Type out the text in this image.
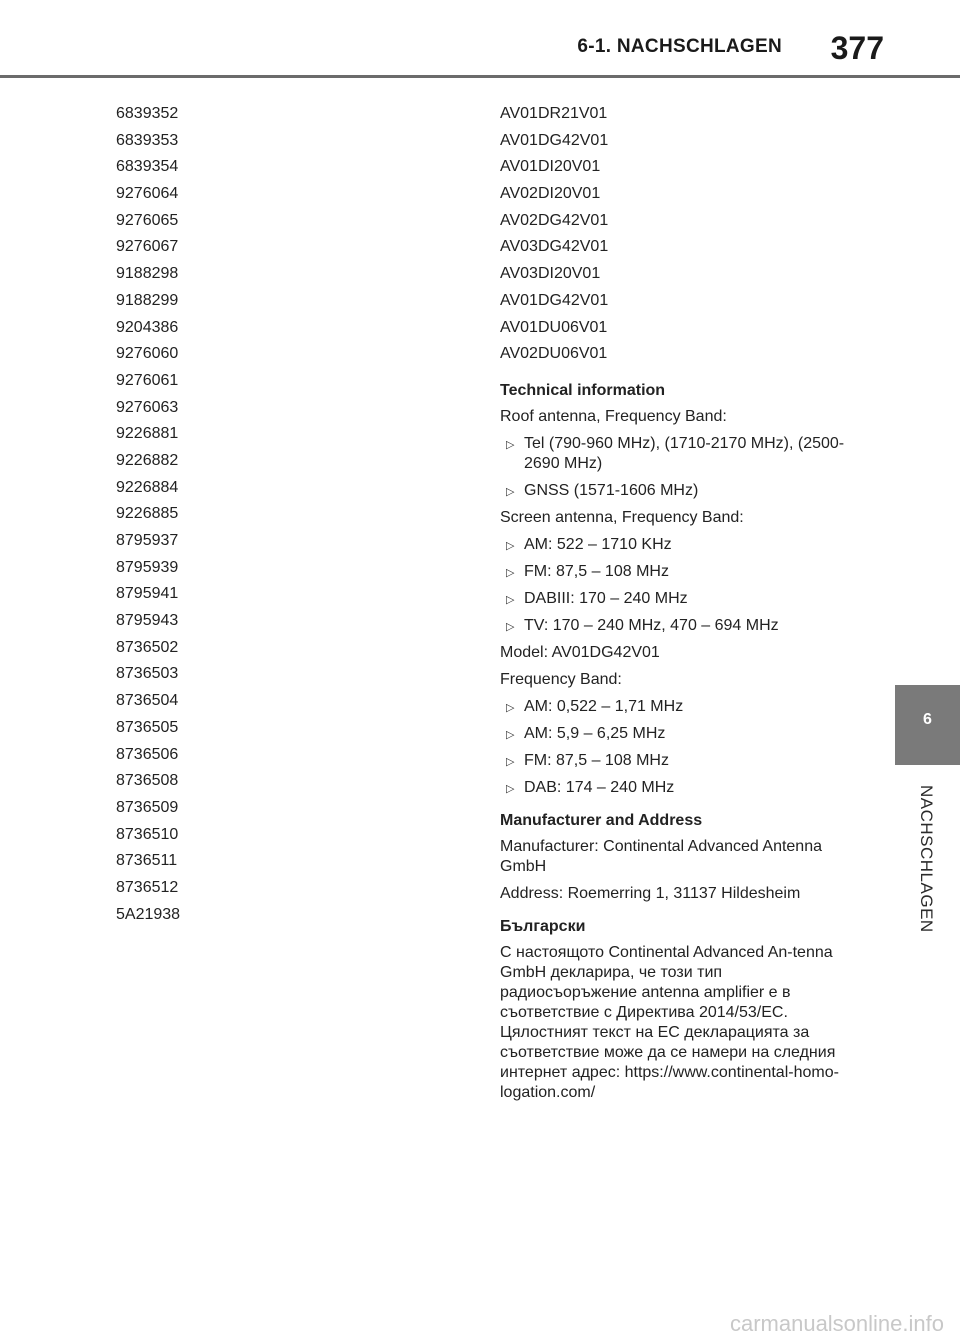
6-1. NACHSCHLAGEN 377
6839352
6839353
6839354
9276064
9276065
9276067
9188298
9188299
9204386
9276060
9276061
9276063
9226881
9226882
9226884
9226885
8795937
8795939
8795941
8795943
8736502
8736503
8736504
8736505
8736506
8736508
8736509
8736510
8736511
8736512
5A21938
AV01DR21V01
AV01DG42V01
AV01DI20V01
AV02DI20V01
AV02DG42V01
AV03DG42V01
AV03DI20V01
AV01DG42V01
AV01DU06V01
AV02DU06V01
Technical information
Roof antenna, Frequency Band:
▷ Tel (790-960 MHz), (1710-2170 MHz), (2500-2690 MHz)
▷ GNSS (1571-1606 MHz)
Screen antenna, Frequency Band:
▷ AM: 522 – 1710 KHz
▷ FM: 87,5 – 108 MHz
▷ DABIII: 170 – 240 MHz
▷ TV: 170 – 240 MHz, 470 – 694 MHz
Model: AV01DG42V01
Frequency Band:
▷ AM: 0,522 – 1,71 MHz
▷ AM: 5,9 – 6,25 MHz
▷ FM: 87,5 – 108 MHz
▷ DAB: 174 – 240 MHz
Manufacturer and Address
Manufacturer: Continental Advanced Antenna GmbH
Address: Roemerring 1, 31137 Hildesheim
Български
С настоящото Continental Advanced An-tenna GmbH декларира, че този тип радиосъоръжение antenna amplifier е в съответствие с Директива 2014/53/EC. Цялостният текст на ЕС декларацията за съответствие може да се намери на следния интернет адрес: https://www.continental-homo-logation.com/
6
NACHSCHLAGEN
carmanualsonline.info
